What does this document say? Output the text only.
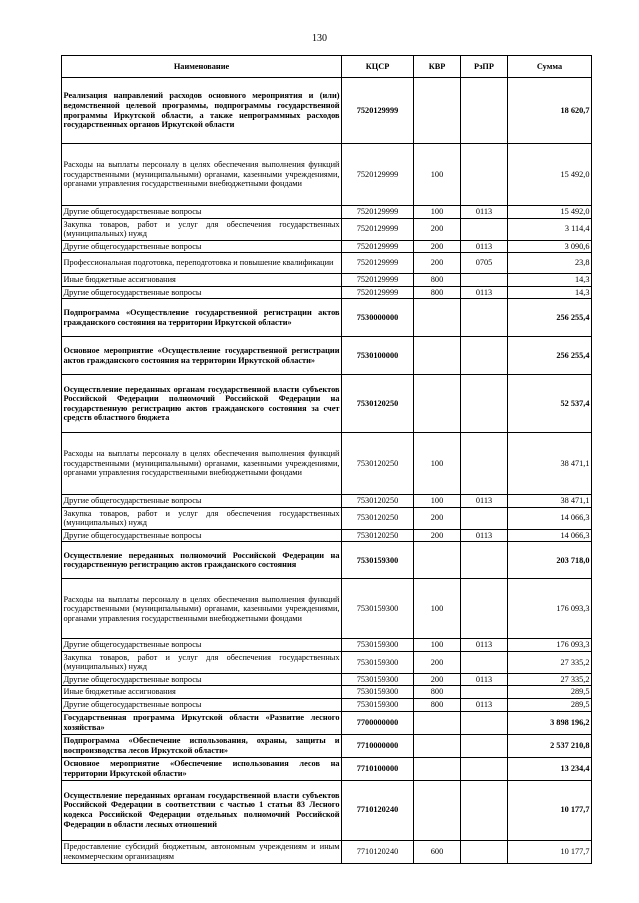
130
Наименование	КЦСР	КВР	РзПР	Сумма
Реализация направлений расходов основного мероприятия и (или) ведомственной целевой программы, подпрограммы государственной программы Иркутской области, а также непрограммных расходов государственных органов Иркутской области	7520129999			18 620,7
Расходы на выплаты персоналу в целях обеспечения выполнения функций государственными (муниципальными) органами, казенными учреждениями, органами управления государственными внебюджетными фондами	7520129999	100		15 492,0
Другие общегосударственные вопросы	7520129999	100	0113	15 492,0
Закупка товаров, работ и услуг для обеспечения государственных (муниципальных) нужд	7520129999	200		3 114,4
Другие общегосударственные вопросы	7520129999	200	0113	3 090,6
Профессиональная подготовка, переподготовка и повышение квалификации	7520129999	200	0705	23,8
Иные бюджетные ассигнования	7520129999	800		14,3
Другие общегосударственные вопросы	7520129999	800	0113	14,3
Подпрограмма «Осуществление государственной регистрации актов гражданского состояния на территории Иркутской области»	7530000000			256 255,4
Основное мероприятие «Осуществление государственной регистрации актов гражданского состояния на территории Иркутской области»	7530100000			256 255,4
Осуществление переданных органам государственной власти субъектов Российской Федерации полномочий Российской Федерации на государственную регистрацию актов гражданского состояния за счет средств областного бюджета	7530120250			52 537,4
Расходы на выплаты персоналу в целях обеспечения выполнения функций государственными (муниципальными) органами, казенными учреждениями, органами управления государственными внебюджетными фондами	7530120250	100		38 471,1
Другие общегосударственные вопросы	7530120250	100	0113	38 471,1
Закупка товаров, работ и услуг для обеспечения государственных (муниципальных) нужд	7530120250	200		14 066,3
Другие общегосударственные вопросы	7530120250	200	0113	14 066,3
Осуществление переданных полномочий Российской Федерации на государственную регистрацию актов гражданского состояния	7530159300			203 718,0
Расходы на выплаты персоналу в целях обеспечения выполнения функций государственными (муниципальными) органами, казенными учреждениями, органами управления государственными внебюджетными фондами	7530159300	100		176 093,3
Другие общегосударственные вопросы	7530159300	100	0113	176 093,3
Закупка товаров, работ и услуг для обеспечения государственных (муниципальных) нужд	7530159300	200		27 335,2
Другие общегосударственные вопросы	7530159300	200	0113	27 335,2
Иные бюджетные ассигнования	7530159300	800		289,5
Другие общегосударственные вопросы	7530159300	800	0113	289,5
Государственная программа Иркутской области «Развитие лесного хозяйства»	7700000000			3 898 196,2
Подпрограмма «Обеспечение использования, охраны, защиты и воспроизводства лесов Иркутской области»	7710000000			2 537 210,8
Основное мероприятие «Обеспечение использования лесов на территории Иркутской области»	7710100000			13 234,4
Осуществление переданных органам государственной власти субъектов Российской Федерации в соответствии с частью 1 статьи 83 Лесного кодекса Российской Федерации отдельных полномочий Российской Федерации в области лесных отношений	7710120240			10 177,7
Предоставление субсидий бюджетным, автономным учреждениям и иным некоммерческим организациям	7710120240	600		10 177,7
